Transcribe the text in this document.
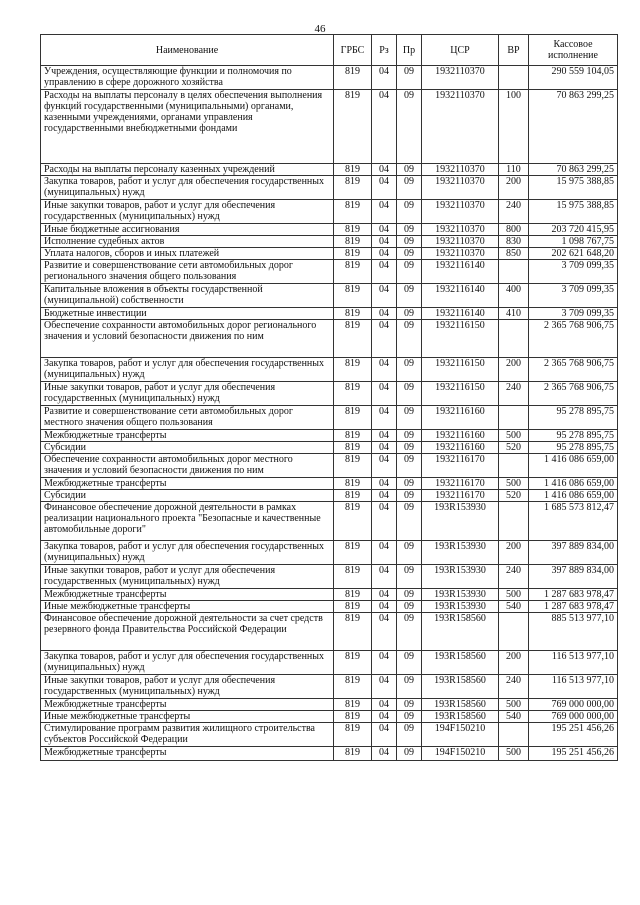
46
Наименование	ГРБС	Рз	Пр	ЦСР	ВР	Кассовое исполнение
Учреждения, осуществляющие функции и полномочия по управлению в сфере дорожного хозяйства	819	04	09	1932110370		290 559 104,05
Расходы на выплаты персоналу в целях обеспечения выполнения функций государственными (муниципальными) органами, казенными учреждениями, органами управления государственными внебюджетными фондами	819	04	09	1932110370	100	70 863 299,25
Расходы на выплаты персоналу казенных учреждений	819	04	09	1932110370	110	70 863 299,25
Закупка товаров, работ и услуг для обеспечения государственных (муниципальных) нужд	819	04	09	1932110370	200	15 975 388,85
Иные закупки товаров, работ и услуг для обеспечения государственных (муниципальных) нужд	819	04	09	1932110370	240	15 975 388,85
Иные бюджетные ассигнования	819	04	09	1932110370	800	203 720 415,95
Исполнение судебных актов	819	04	09	1932110370	830	1 098 767,75
Уплата налогов, сборов и иных платежей	819	04	09	1932110370	850	202 621 648,20
Развитие и совершенствование сети автомобильных дорог регионального значения общего пользования	819	04	09	1932116140		3 709 099,35
Капитальные вложения в объекты государственной (муниципальной) собственности	819	04	09	1932116140	400	3 709 099,35
Бюджетные инвестиции	819	04	09	1932116140	410	3 709 099,35
Обеспечение сохранности автомобильных дорог регионального значения и условий безопасности движения по ним	819	04	09	1932116150		2 365 768 906,75
Закупка товаров, работ и услуг для обеспечения государственных (муниципальных) нужд	819	04	09	1932116150	200	2 365 768 906,75
Иные закупки товаров, работ и услуг для обеспечения государственных (муниципальных) нужд	819	04	09	1932116150	240	2 365 768 906,75
Развитие и совершенствование сети автомобильных дорог местного значения общего пользования	819	04	09	1932116160		95 278 895,75
Межбюджетные трансферты	819	04	09	1932116160	500	95 278 895,75
Субсидии	819	04	09	1932116160	520	95 278 895,75
Обеспечение сохранности автомобильных дорог местного значения и условий безопасности движения по ним	819	04	09	1932116170		1 416 086 659,00
Межбюджетные трансферты	819	04	09	1932116170	500	1 416 086 659,00
Субсидии	819	04	09	1932116170	520	1 416 086 659,00
Финансовое обеспечение дорожной деятельности в рамках реализации национального проекта "Безопасные и качественные автомобильные дороги"	819	04	09	193R153930		1 685 573 812,47
Закупка товаров, работ и услуг для обеспечения государственных (муниципальных) нужд	819	04	09	193R153930	200	397 889 834,00
Иные закупки товаров, работ и услуг для обеспечения государственных (муниципальных) нужд	819	04	09	193R153930	240	397 889 834,00
Межбюджетные трансферты	819	04	09	193R153930	500	1 287 683 978,47
Иные межбюджетные трансферты	819	04	09	193R153930	540	1 287 683 978,47
Финансовое обеспечение дорожной деятельности за счет средств резервного фонда Правительства Российской Федерации	819	04	09	193R158560		885 513 977,10
Закупка товаров, работ и услуг для обеспечения государственных (муниципальных) нужд	819	04	09	193R158560	200	116 513 977,10
Иные закупки товаров, работ и услуг для обеспечения государственных (муниципальных) нужд	819	04	09	193R158560	240	116 513 977,10
Межбюджетные трансферты	819	04	09	193R158560	500	769 000 000,00
Иные межбюджетные трансферты	819	04	09	193R158560	540	769 000 000,00
Стимулирование программ развития жилищного строительства субъектов Российской Федерации	819	04	09	194F150210		195 251 456,26
Межбюджетные трансферты	819	04	09	194F150210	500	195 251 456,26
